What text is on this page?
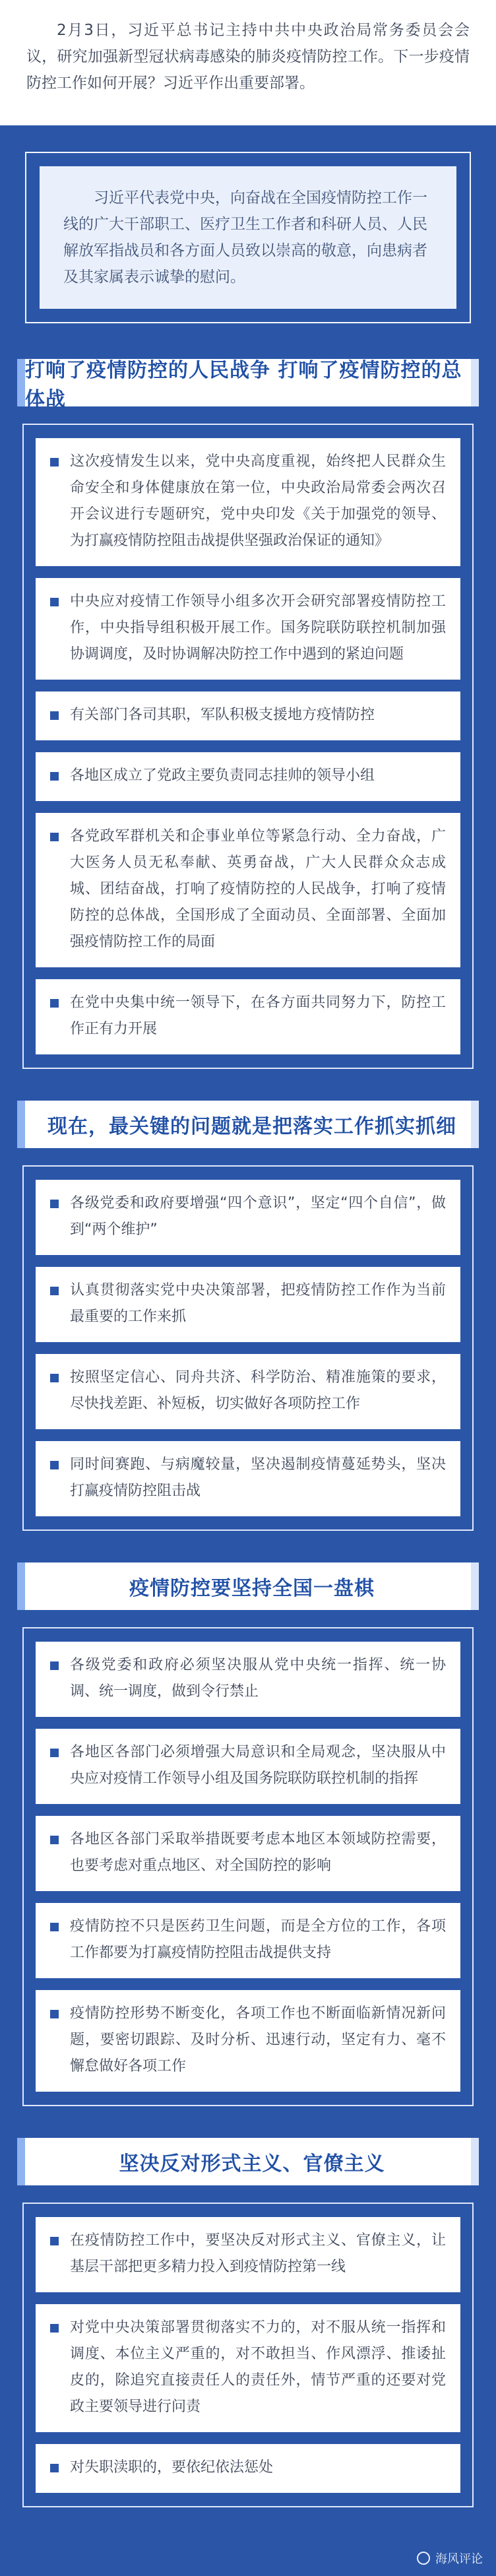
2月3日，习近平总书记主持中共中央政治局常务委员会会议，研究加强新型冠状病毒感染的肺炎疫情防控工作。下一步疫情防控工作如何开展？习近平作出重要部署。
习近平代表党中央，向奋战在全国疫情防控工作一线的广大干部职工、医疗卫生工作者和科研人员、人民解放军指战员和各方面人员致以崇高的敬意，向患病者及其家属表示诚挚的慰问。
打响了疫情防控的人民战争 打响了疫情防控的总体战
这次疫情发生以来，党中央高度重视，始终把人民群众生命安全和身体健康放在第一位，中央政治局常委会两次召开会议进行专题研究，党中央印发《关于加强党的领导、为打赢疫情防控阻击战提供坚强政治保证的通知》
中央应对疫情工作领导小组多次开会研究部署疫情防控工作，中央指导组积极开展工作。国务院联防联控机制加强协调调度，及时协调解决防控工作中遇到的紧迫问题
有关部门各司其职，军队积极支援地方疫情防控
各地区成立了党政主要负责同志挂帅的领导小组
各党政军群机关和企事业单位等紧急行动、全力奋战，广大医务人员无私奉献、英勇奋战，广大人民群众众志成城、团结奋战，打响了疫情防控的人民战争，打响了疫情防控的总体战，全国形成了全面动员、全面部署、全面加强疫情防控工作的局面
在党中央集中统一领导下，在各方面共同努力下，防控工作正有力开展
现在，最关键的问题就是把落实工作抓实抓细
各级党委和政府要增强“四个意识”，坚定“四个自信”，做到“两个维护”
认真贯彻落实党中央决策部署，把疫情防控工作作为当前最重要的工作来抓
按照坚定信心、同舟共济、科学防治、精准施策的要求，尽快找差距、补短板，切实做好各项防控工作
同时间赛跑、与病魔较量，坚决遏制疫情蔓延势头，坚决打赢疫情防控阻击战
疫情防控要坚持全国一盘棋
各级党委和政府必须坚决服从党中央统一指挥、统一协调、统一调度，做到令行禁止
各地区各部门必须增强大局意识和全局观念，坚决服从中央应对疫情工作领导小组及国务院联防联控机制的指挥
各地区各部门采取举措既要考虑本地区本领域防控需要，也要考虑对重点地区、对全国防控的影响
疫情防控不只是医药卫生问题，而是全方位的工作，各项工作都要为打赢疫情防控阻击战提供支持
疫情防控形势不断变化，各项工作也不断面临新情况新问题，要密切跟踪、及时分析、迅速行动，坚定有力、毫不懈怠做好各项工作
坚决反对形式主义、官僚主义
在疫情防控工作中，要坚决反对形式主义、官僚主义，让基层干部把更多精力投入到疫情防控第一线
对党中央决策部署贯彻落实不力的，对不服从统一指挥和调度、本位主义严重的，对不敢担当、作风漂浮、推诿扯皮的，除追究直接责任人的责任外，情节严重的还要对党政主要领导进行问责
对失职渎职的，要依纪依法惩处
海风评论
